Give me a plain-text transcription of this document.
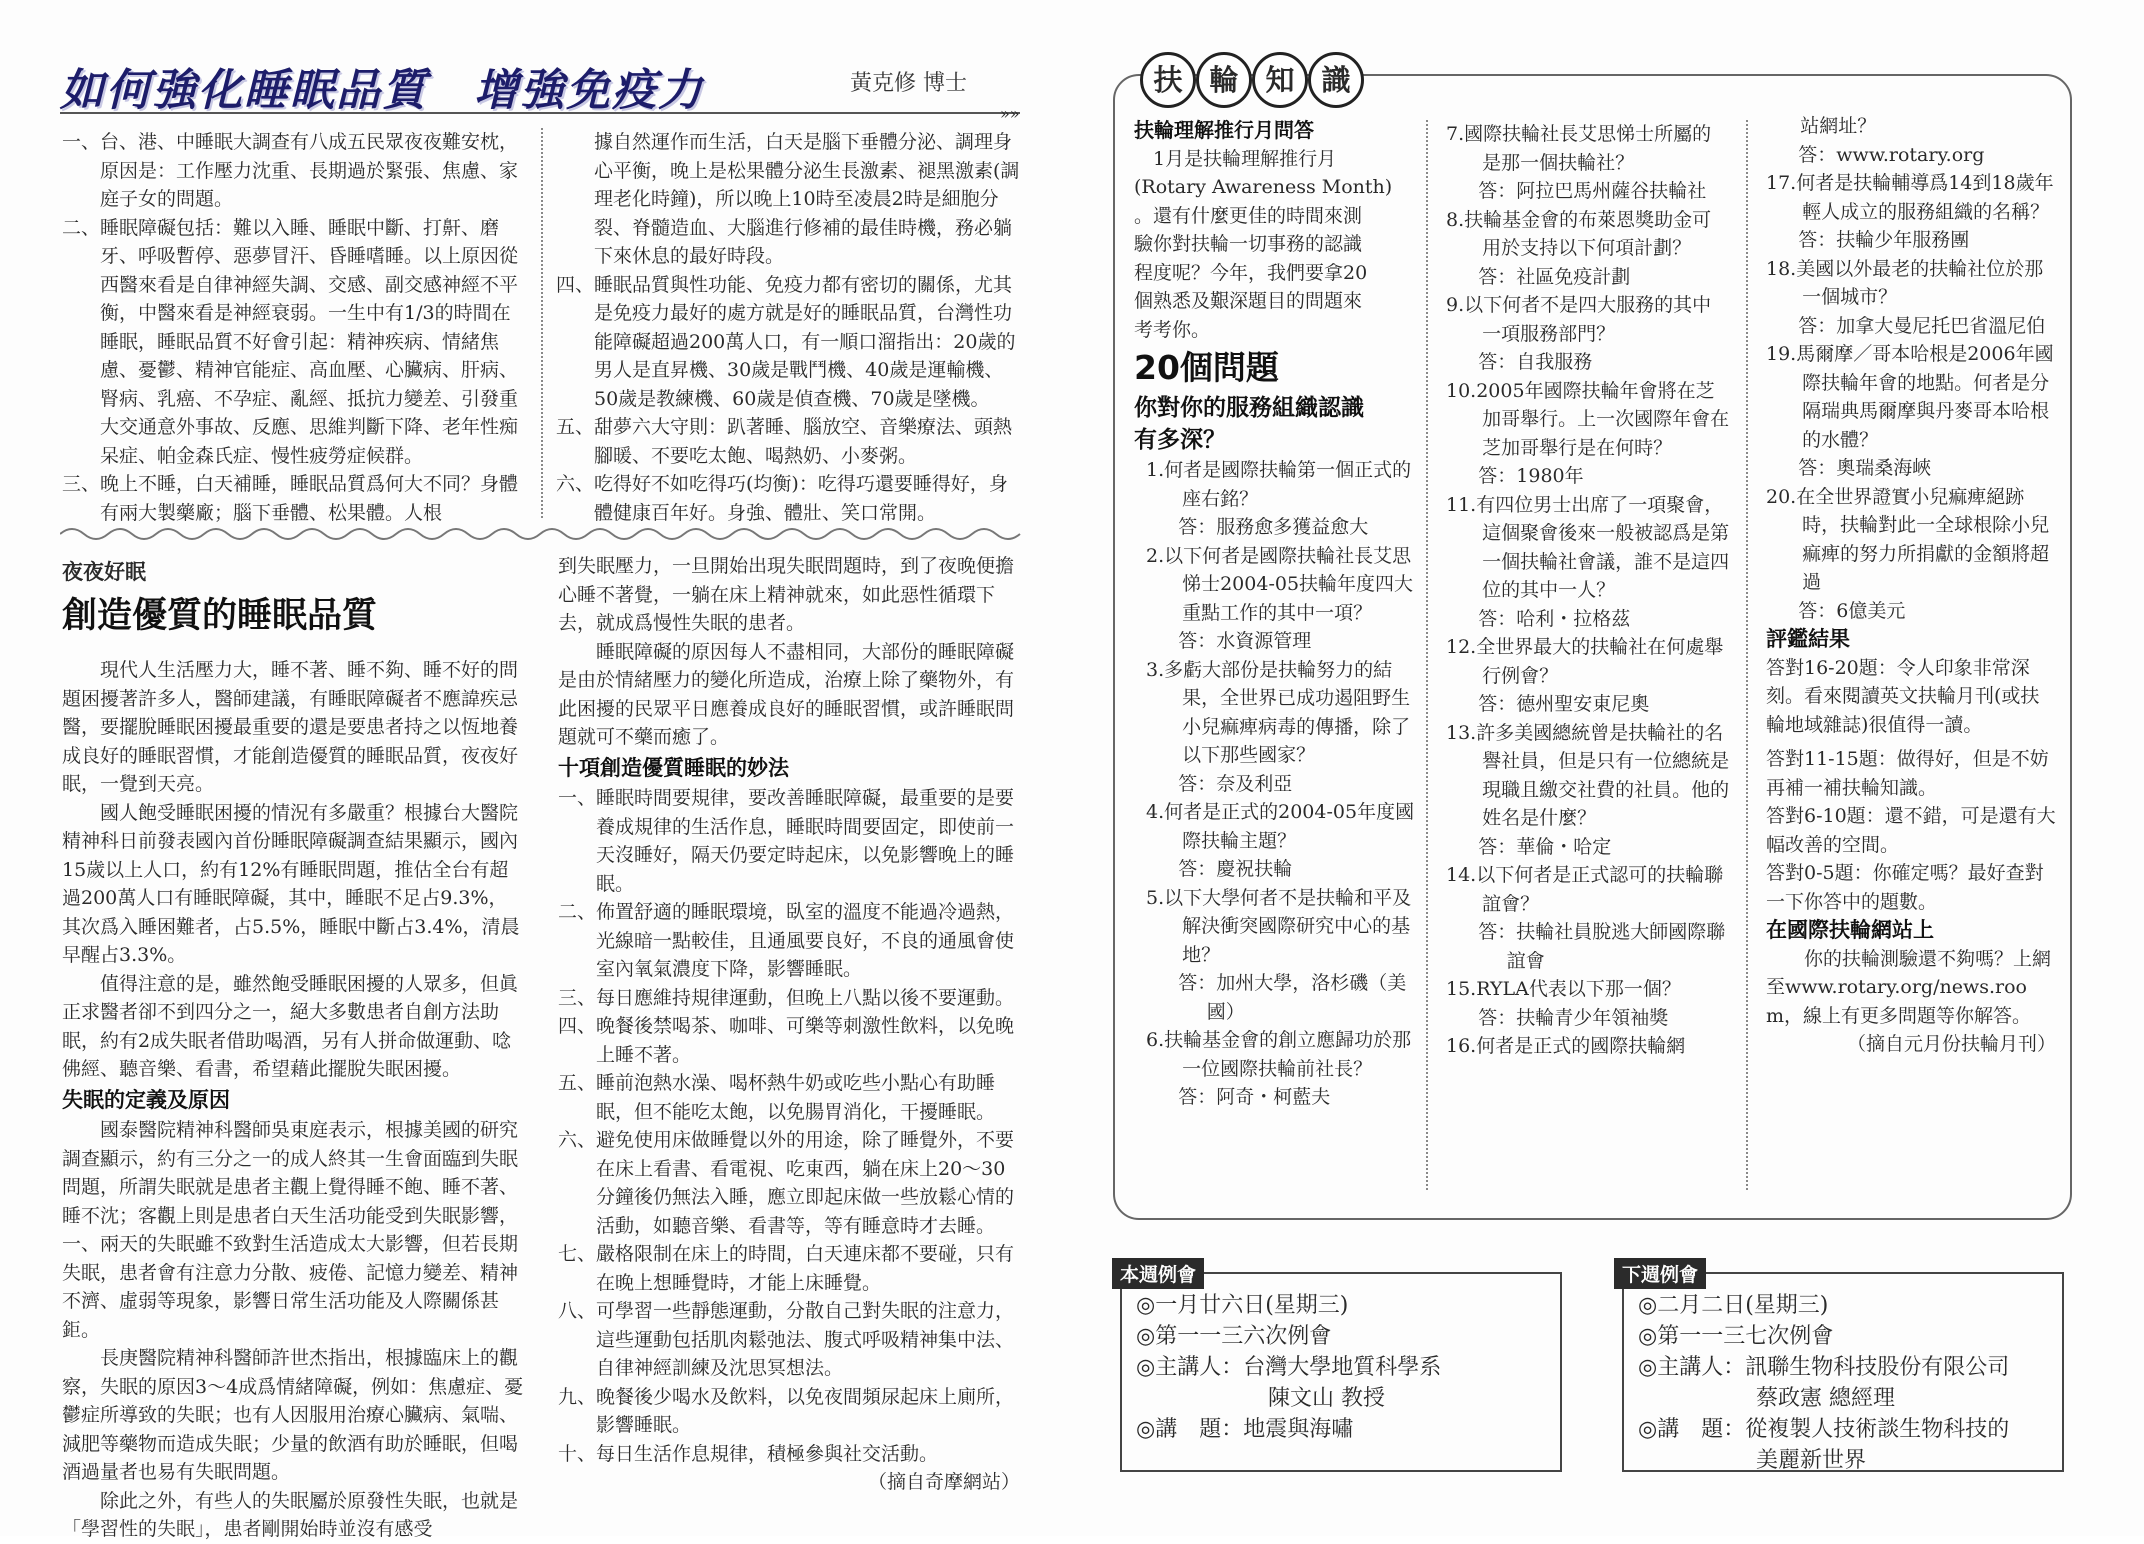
如何強化睡眠品質　增強免疫力	黃克修 博士
»»

一、台、港、中睡眠大調查有八成五民眾夜夜難安枕，原因是：工作壓力沈重、長期過於緊張、焦慮、家庭子女的問題。

二、睡眠障礙包括：難以入睡、睡眠中斷、打鼾、磨牙、呼吸暫停、惡夢冒汗、昏睡嗜睡。以上原因從西醫來看是自律神經失調、交感、副交感神經不平衡，中醫來看是神經衰弱。一生中有1/3的時間在睡眠，睡眠品質不好會引起：精神疾病、情緒焦慮、憂鬱、精神官能症、高血壓、心臟病、肝病、腎病、乳癌、不孕症、亂經、抵抗力變差、引發重大交通意外事故、反應、思維判斷下降、老年性痴呆症、帕金森氏症、慢性疲勞症候群。

三、晚上不睡，白天補睡，睡眠品質爲何大不同？身體有兩大製藥廠；腦下垂體、松果體。人根

據自然運作而生活，白天是腦下垂體分泌、調理身心平衡，晚上是松果體分泌生長激素、褪黑激素(調理老化時鐘)，所以晚上10時至凌晨2時是細胞分裂、脊髓造血、大腦進行修補的最佳時機，務必躺下來休息的最好時段。

四、睡眠品質與性功能、免疫力都有密切的關係，尤其是免疫力最好的處方就是好的睡眠品質，台灣性功能障礙超過200萬人口，有一順口溜指出：20歲的男人是直昇機、30歲是戰鬥機、40歲是運輸機、50歲是教練機、60歲是偵查機、70歲是墜機。

五、甜夢六大守則：趴著睡、腦放空、音樂療法、頭熱腳暖、不要吃太飽、喝熱奶、小麥粥。

六、吃得好不如吃得巧(均衡)：吃得巧還要睡得好，身體健康百年好。身強、體壯、笑口常開。

夜夜好眠
創造優質的睡眠品質

現代人生活壓力大，睡不著、睡不夠、睡不好的問題困擾著許多人，醫師建議，有睡眠障礙者不應諱疾忌醫，要擺脫睡眠困擾最重要的還是要患者持之以恆地養成良好的睡眠習慣，才能創造優質的睡眠品質，夜夜好眠，一覺到天亮。

國人飽受睡眠困擾的情況有多嚴重？根據台大醫院精神科日前發表國內首份睡眠障礙調查結果顯示，國內15歲以上人口，約有12%有睡眠問題，推估全台有超過200萬人口有睡眠障礙，其中，睡眠不足占9.3%，其次爲入睡困難者，占5.5%，睡眠中斷占3.4%，清晨早醒占3.3%。

值得注意的是，雖然飽受睡眠困擾的人眾多，但眞正求醫者卻不到四分之一，絕大多數患者自創方法助眠，約有2成失眠者借助喝酒，另有人拼命做運動、唸佛經、聽音樂、看書，希望藉此擺脫失眠困擾。

失眠的定義及原因

國泰醫院精神科醫師吳東庭表示，根據美國的研究調查顯示，約有三分之一的成人終其一生會面臨到失眠問題，所謂失眠就是患者主觀上覺得睡不飽、睡不著、睡不沈；客觀上則是患者白天生活功能受到失眠影響，一、兩天的失眠雖不致對生活造成太大影響，但若長期失眠，患者會有注意力分散、疲倦、記憶力變差、精神不濟、虛弱等現象，影響日常生活功能及人際關係甚鉅。

長庚醫院精神科醫師許世杰指出，根據臨床上的觀察，失眠的原因3～4成爲情緒障礙，例如：焦慮症、憂鬱症所導致的失眠；也有人因服用治療心臟病、氣喘、減肥等藥物而造成失眠；少量的飲酒有助於睡眠，但喝酒過量者也易有失眠問題。

除此之外，有些人的失眠屬於原發性失眠，也就是「學習性的失眠」，患者剛開始時並沒有感受

到失眠壓力，一旦開始出現失眠問題時，到了夜晚便擔心睡不著覺，一躺在床上精神就來，如此惡性循環下去，就成爲慢性失眠的患者。

睡眠障礙的原因每人不盡相同，大部份的睡眠障礙是由於情緒壓力的變化所造成，治療上除了藥物外，有此困擾的民眾平日應養成良好的睡眠習慣，或許睡眠問題就可不藥而癒了。

十項創造優質睡眠的妙法

一、睡眠時間要規律，要改善睡眠障礙，最重要的是要養成規律的生活作息，睡眠時間要固定，即使前一天沒睡好，隔天仍要定時起床，以免影響晚上的睡眠。

二、佈置舒適的睡眠環境，臥室的溫度不能過冷過熱，光線暗一點較佳，且通風要良好，不良的通風會使室內氧氣濃度下降，影響睡眠。

三、每日應維持規律運動，但晚上八點以後不要運動。

四、晚餐後禁喝茶、咖啡、可樂等刺激性飲料，以免晚上睡不著。

五、睡前泡熱水澡、喝杯熱牛奶或吃些小點心有助睡眠，但不能吃太飽，以免腸胃消化，干擾睡眠。

六、避免使用床做睡覺以外的用途，除了睡覺外，不要在床上看書、看電視、吃東西，躺在床上20～30分鐘後仍無法入睡，應立即起床做一些放鬆心情的活動，如聽音樂、看書等，等有睡意時才去睡。

七、嚴格限制在床上的時間，白天連床都不要碰，只有在晚上想睡覺時，才能上床睡覺。

八、可學習一些靜態運動，分散自己對失眠的注意力，這些運動包括肌肉鬆弛法、腹式呼吸精神集中法、自律神經訓練及沈思冥想法。

九、晚餐後少喝水及飲料，以免夜間頻尿起床上廁所，影響睡眠。

十、每日生活作息規律，積極參與社交活動。

（摘自奇摩網站）

扶 輪 知 識

扶輪理解推行月問答

1月是扶輪理解推行月

(Rotary Awareness Month)

。還有什麼更佳的時間來測

驗你對扶輪一切事務的認識

程度呢？今年，我們要拿20

個熟悉及艱深題目的問題來

考考你。

20個問題

你對你的服務組織認識

有多深？

1.何者是國際扶輪第一個正式的座右銘？

答：服務愈多獲益愈大

2.以下何者是國際扶輪社長艾思悌士2004-05扶輪年度四大重點工作的其中一項？

答：水資源管理

3.多虧大部份是扶輪努力的結果，全世界已成功遏阻野生小兒痲痺病毒的傳播，除了以下那些國家？

答：奈及利亞

4.何者是正式的2004-05年度國際扶輪主題？

答：慶祝扶輪

5.以下大學何者不是扶輪和平及解決衝突國際研究中心的基地？

答：加州大學，洛杉磯（美國）

6.扶輪基金會的創立應歸功於那一位國際扶輪前社長？

答：阿奇・柯藍夫

7.國際扶輪社長艾思悌士所屬的是那一個扶輪社？

答：阿拉巴馬州薩谷扶輪社

8.扶輪基金會的布萊恩獎助金可用於支持以下何項計劃？

答：社區免疫計劃

9.以下何者不是四大服務的其中一項服務部門？

答：自我服務

10.2005年國際扶輪年會將在芝加哥舉行。上一次國際年會在芝加哥舉行是在何時？

答：1980年

11.有四位男士出席了一項聚會，這個聚會後來一般被認爲是第一個扶輪社會議，誰不是這四位的其中一人？

答：哈利・拉格茲

12.全世界最大的扶輪社在何處舉行例會？

答：德州聖安東尼奧

13.許多美國總統曾是扶輪社的名譽社員，但是只有一位總統是現職且繳交社費的社員。他的姓名是什麼？

答：華倫・哈定

14.以下何者是正式認可的扶輪聯誼會？

答：扶輪社員脫逃大師國際聯誼會

15.RYLA代表以下那一個？

答：扶輪青少年領袖獎

16.何者是正式的國際扶輪網

站網址？

答：www.rotary.org

17.何者是扶輪輔導爲14到18歲年輕人成立的服務組織的名稱？

答：扶輪少年服務團

18.美國以外最老的扶輪社位於那一個城市？

答：加拿大曼尼托巴省溫尼伯

19.馬爾摩／哥本哈根是2006年國際扶輪年會的地點。何者是分隔瑞典馬爾摩與丹麥哥本哈根的水體？

答：奧瑞桑海峽

20.在全世界證實小兒痲痺絕跡時，扶輪對此一全球根除小兒痲痺的努力所捐獻的金額將超過

答：6億美元

評鑑結果

答對16-20題：令人印象非常深刻。看來閱讀英文扶輪月刊(或扶輪地域雜誌)很值得一讀。

答對11-15題：做得好，但是不妨再補一補扶輪知識。

答對6-10題：還不錯，可是還有大幅改善的空間。

答對0-5題：你確定嗎？最好查對一下你答中的題數。

在國際扶輪網站上

你的扶輪測驗還不夠嗎？上網至www.rotary.org/news.room，線上有更多問題等你解答。

（摘自元月份扶輪月刊）

◎一月廿六日(星期三)

◎第一一三六次例會

◎主講人：台灣大學地質科學系

陳文山 教授

◎講　題：地震與海嘯

本週例會

◎二月二日(星期三)

◎第一一三七次例會

◎主講人：訊聯生物科技股份有限公司

蔡政憲 總經理

◎講　題：從複製人技術談生物科技的

美麗新世界

下週例會
